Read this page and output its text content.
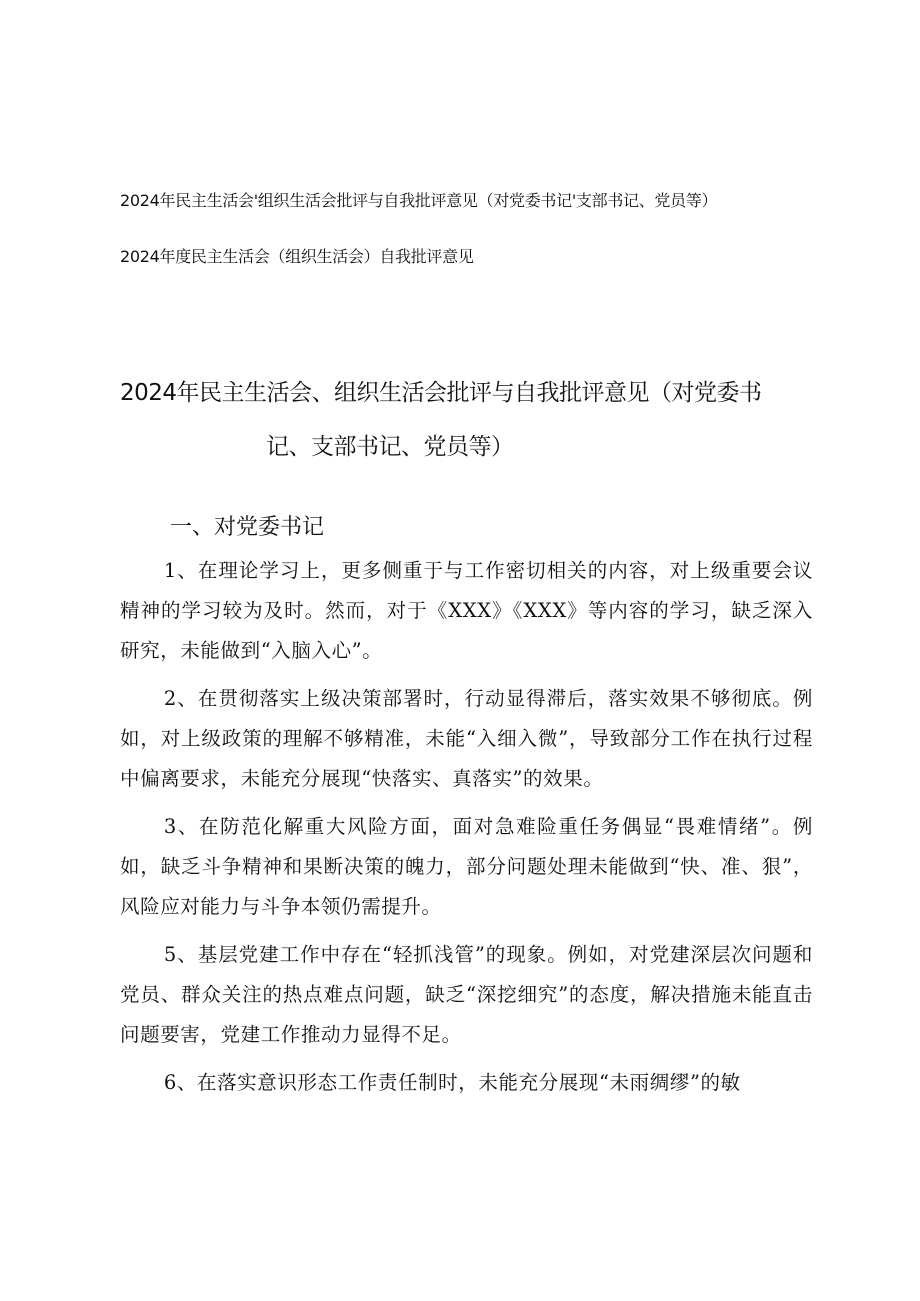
2024年民主生活会'组织生活会批评与自我批评意见（对党委书记'支部书记、党员等）
2024年度民主生活会（组织生活会）自我批评意见
2024年民主生活会、组织生活会批评与自我批评意见（对党委书
记、支部书记、党员等）
一、对党委书记

1、在理论学习上，更多侧重于与工作密切相关的内容，对上级重要会议精神的学习较为及时。然而，对于《XXX》《XXX》等内容的学习，缺乏深入研究，未能做到“入脑入心”。

2、在贯彻落实上级决策部署时，行动显得滞后，落实效果不够彻底。例如，对上级政策的理解不够精准，未能“入细入微”，导致部分工作在执行过程中偏离要求，未能充分展现“快落实、真落实”的效果。

3、在防范化解重大风险方面，面对急难险重任务偶显“畏难情绪”。例如，缺乏斗争精神和果断决策的魄力，部分问题处理未能做到“快、准、狠”，风险应对能力与斗争本领仍需提升。

5、基层党建工作中存在“轻抓浅管”的现象。例如，对党建深层次问题和党员、群众关注的热点难点问题，缺乏“深挖细究”的态度，解决措施未能直击问题要害，党建工作推动力显得不足。

6、在落实意识形态工作责任制时，未能充分展现“未雨绸缪”的敏
